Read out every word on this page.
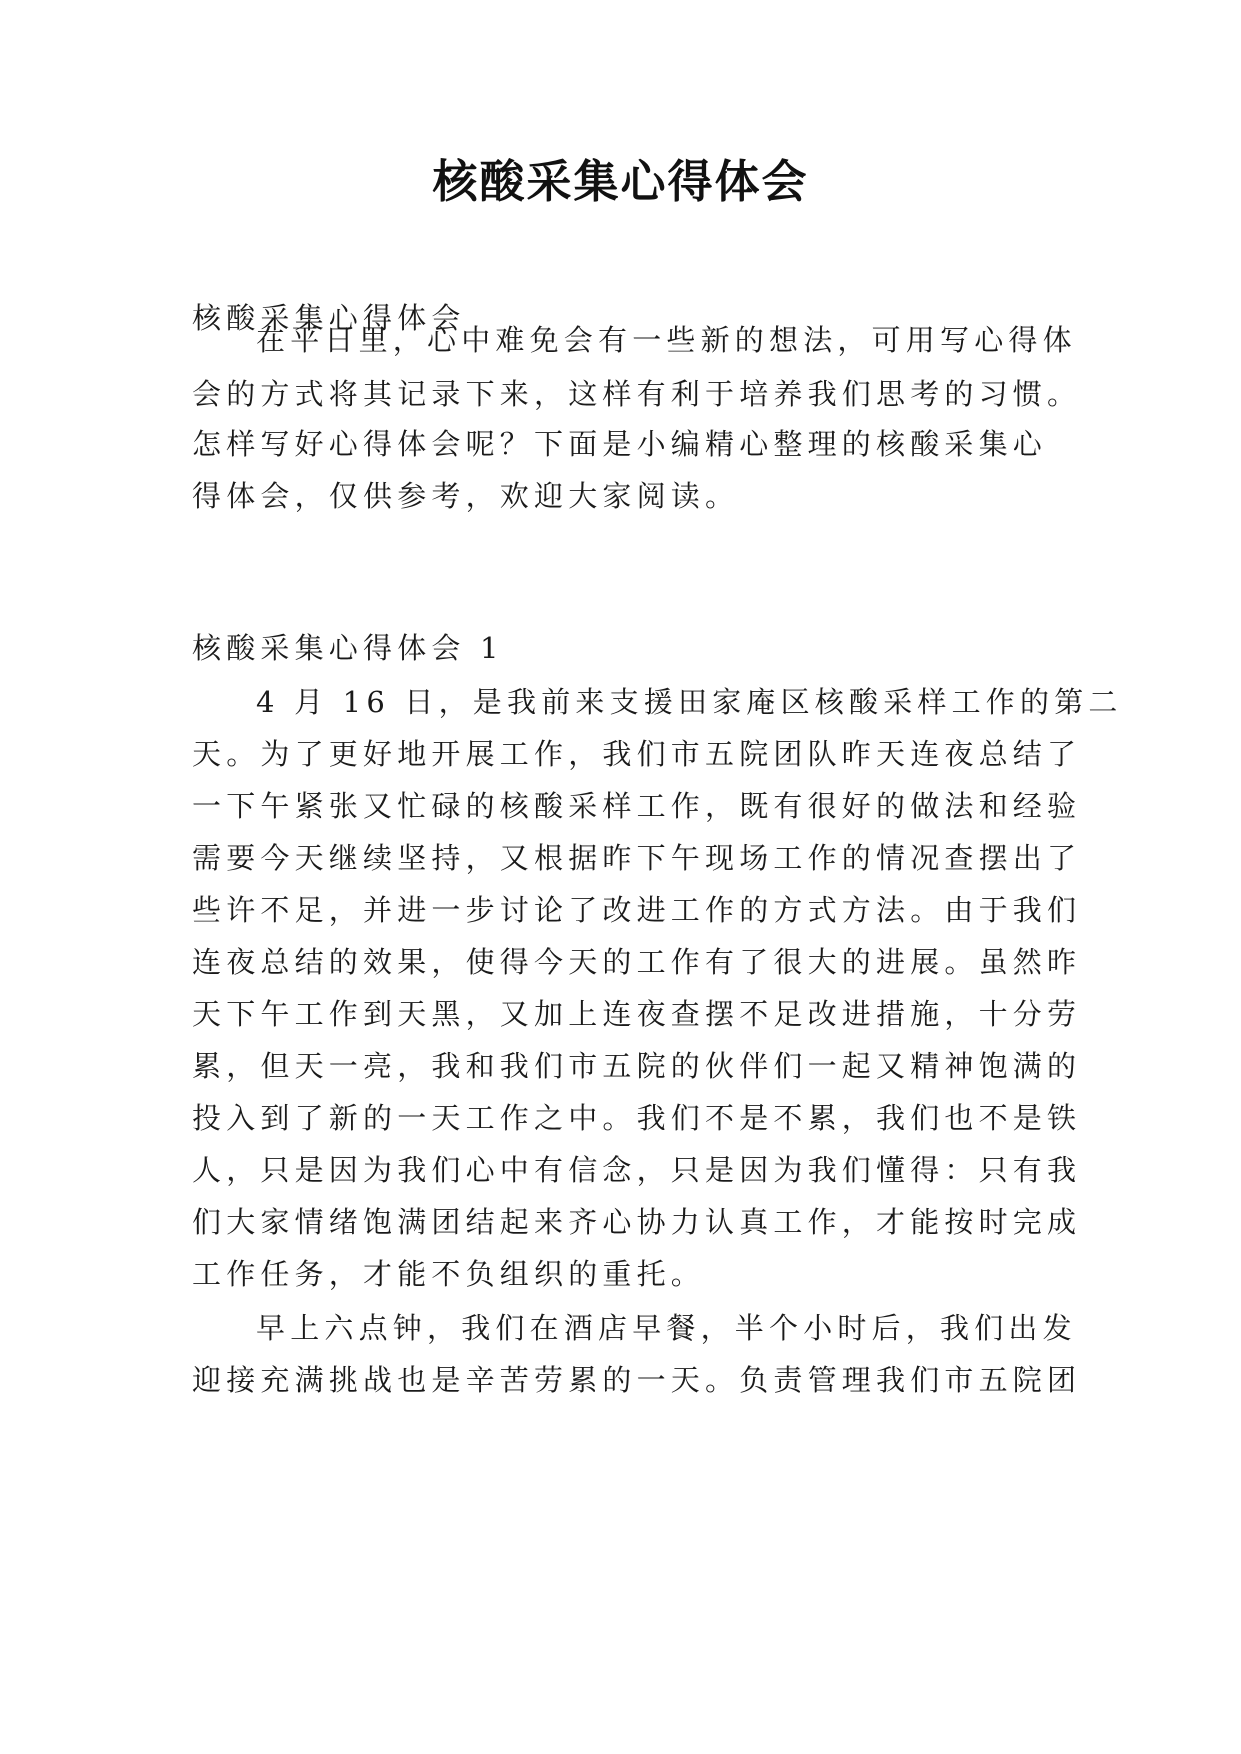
核酸采集心得体会
核酸采集心得体会
在平日里，心中难免会有一些新的想法，可用写心得体
会的方式将其记录下来，这样有利于培养我们思考的习惯。
怎样写好心得体会呢？下面是小编精心整理的核酸采集心
得体会，仅供参考，欢迎大家阅读。
核酸采集心得体会 1
4 月 16 日，是我前来支援田家庵区核酸采样工作的第二
天。为了更好地开展工作，我们市五院团队昨天连夜总结了
一下午紧张又忙碌的核酸采样工作，既有很好的做法和经验
需要今天继续坚持，又根据昨下午现场工作的情况查摆出了
些许不足，并进一步讨论了改进工作的方式方法。由于我们
连夜总结的效果，使得今天的工作有了很大的进展。虽然昨
天下午工作到天黑，又加上连夜查摆不足改进措施，十分劳
累，但天一亮，我和我们市五院的伙伴们一起又精神饱满的
投入到了新的一天工作之中。我们不是不累，我们也不是铁
人，只是因为我们心中有信念，只是因为我们懂得：只有我
们大家情绪饱满团结起来齐心协力认真工作，才能按时完成
工作任务，才能不负组织的重托。
早上六点钟，我们在酒店早餐，半个小时后，我们出发
迎接充满挑战也是辛苦劳累的一天。负责管理我们市五院团
